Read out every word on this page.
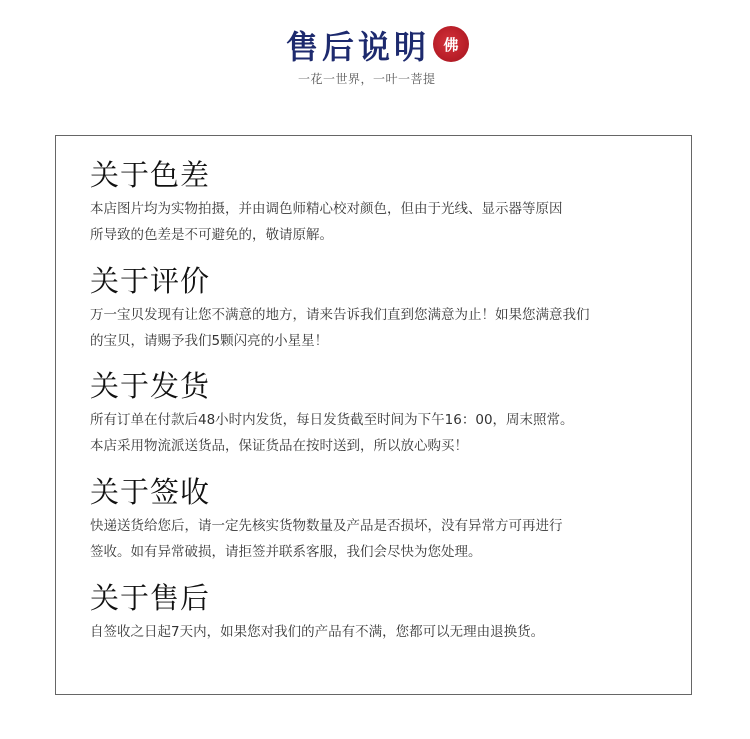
售后说明 佛
一花一世界，一叶一菩提
关于色差

本店图片均为实物拍摄，并由调色师精心校对颜色，但由于光线、显示器等原因
所导致的色差是不可避免的，敬请原解。

关于评价

万一宝贝发现有让您不满意的地方，请来告诉我们直到您满意为止！如果您满意我们
的宝贝，请赐予我们5颗闪亮的小星星！

关于发货

所有订单在付款后48小时内发货，每日发货截至时间为下午16：00，周末照常。
本店采用物流派送货品，保证货品在按时送到，所以放心购买！

关于签收

快递送货给您后，请一定先核实货物数量及产品是否损坏，没有异常方可再进行
签收。如有异常破损，请拒签并联系客服，我们会尽快为您处理。

关于售后

自签收之日起7天内，如果您对我们的产品有不满，您都可以无理由退换货。
